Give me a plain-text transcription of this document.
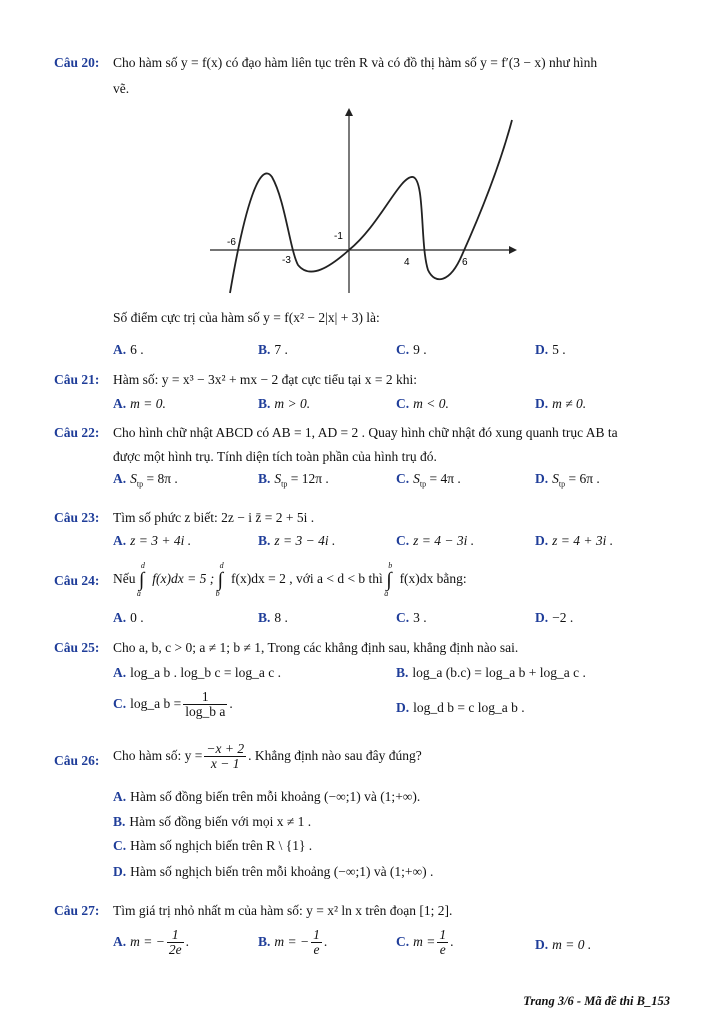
Câu 20: Cho hàm số y = f(x) có đạo hàm liên tục trên R và có đồ thị hàm số y = f′(3 − x) như hình
vẽ.
-6
-1
-3	4	6
Số điểm cực trị của hàm số y = f(x² − 2|x| + 3) là:
A. 6 .	B. 7 .	C. 9 .	D. 5 .
Câu 21: Hàm số: y = x³ − 3x² + mx − 2 đạt cực tiểu tại x = 2 khi:
A. m = 0.	B. m > 0.	C. m < 0.	D. m ≠ 0.
Câu 22: Cho hình chữ nhật ABCD có AB = 1, AD = 2 . Quay hình chữ nhật đó xung quanh trục AB ta
được một hình trụ. Tính diện tích toàn phần của hình trụ đó.
A. $S_{tp} = 8\pi$ .	B. $S_{tp} = 12\pi$ .	C. $S_{tp} = 4\pi$ .	D. $S_{tp} = 6\pi$ .
Câu 23: Tìm số phức z biết: 2z − i z̄ = 2 + 5i .
A. z = 3 + 4i .	B. z = 3 − 4i .	C. z = 4 − 3i .	D. z = 4 + 3i .
Câu 24: Nếu ∫
d
a
f(x)dx = 5 ; ∫
d
b
f(x)dx = 2 , với a < d < b thì ∫
b
a
f(x)dx bằng:
A. 0 .	B. 8 .	C. 3 .	D. −2 .
Câu 25: Cho a, b, c > 0; a ≠ 1; b ≠ 1, Trong các khẳng định sau, khẳng định nào sai.
A. log_a b . log_b c = log_a c .	B. log_a (b.c) = log_a b + log_a c .
C. log_a $b = \frac{1}{\text{log\_b a}}$ .	D. log_d b = c log_a b .
Câu 26: Cho hàm số: $y = \frac{-x + 2}{x - 1}$ . Khẳng định nào sau đây đúng?
A. Hàm số đồng biến trên mỗi khoảng (−∞;1) và (1;+∞).
B. Hàm số đồng biến với mọi x ≠ 1 .
C. Hàm số nghịch biến trên R \ {1} .
D. Hàm số nghịch biến trên mỗi khoảng (−∞;1) và (1;+∞) .
Câu 27: Tìm giá trị nhỏ nhất m của hàm số: y = x² ln x trên đoạn [1; 2].
A. m = − $\frac{1}{2e}$ .	B. m = − $\frac{1}{e}$ .	C. $m = \frac{1}{e}$ .	D. m = 0 .
Trang 3/6 - Mã đề thi B_153
